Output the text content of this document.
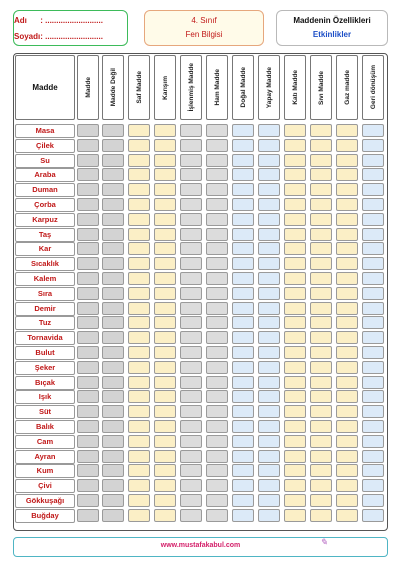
Adı : ..........................
Soyadı : ..........................
4. Sınıf
Fen Bilgisi
Maddenin Özellikleri
Etkinlikler
Madde	Madde	Madde Değil	Saf Madde	Karışım	İşlenmiş Madde	Ham Madde	Doğal Madde	Yapay Madde	Katı Madde	Sıvı Madde	Gaz madde	Geri dönüşüm
Masa
Çilek
Su
Araba
Duman
Çorba
Karpuz
Taş
Kar
Sıcaklık
Kalem
Sıra
Demir
Tuz
Tornavida
Bulut
Şeker
Bıçak
Işık
Süt
Balık
Cam
Ayran
Kum
Çivi
Gökkuşağı
Buğday
www.mustafakabul.com	✎
